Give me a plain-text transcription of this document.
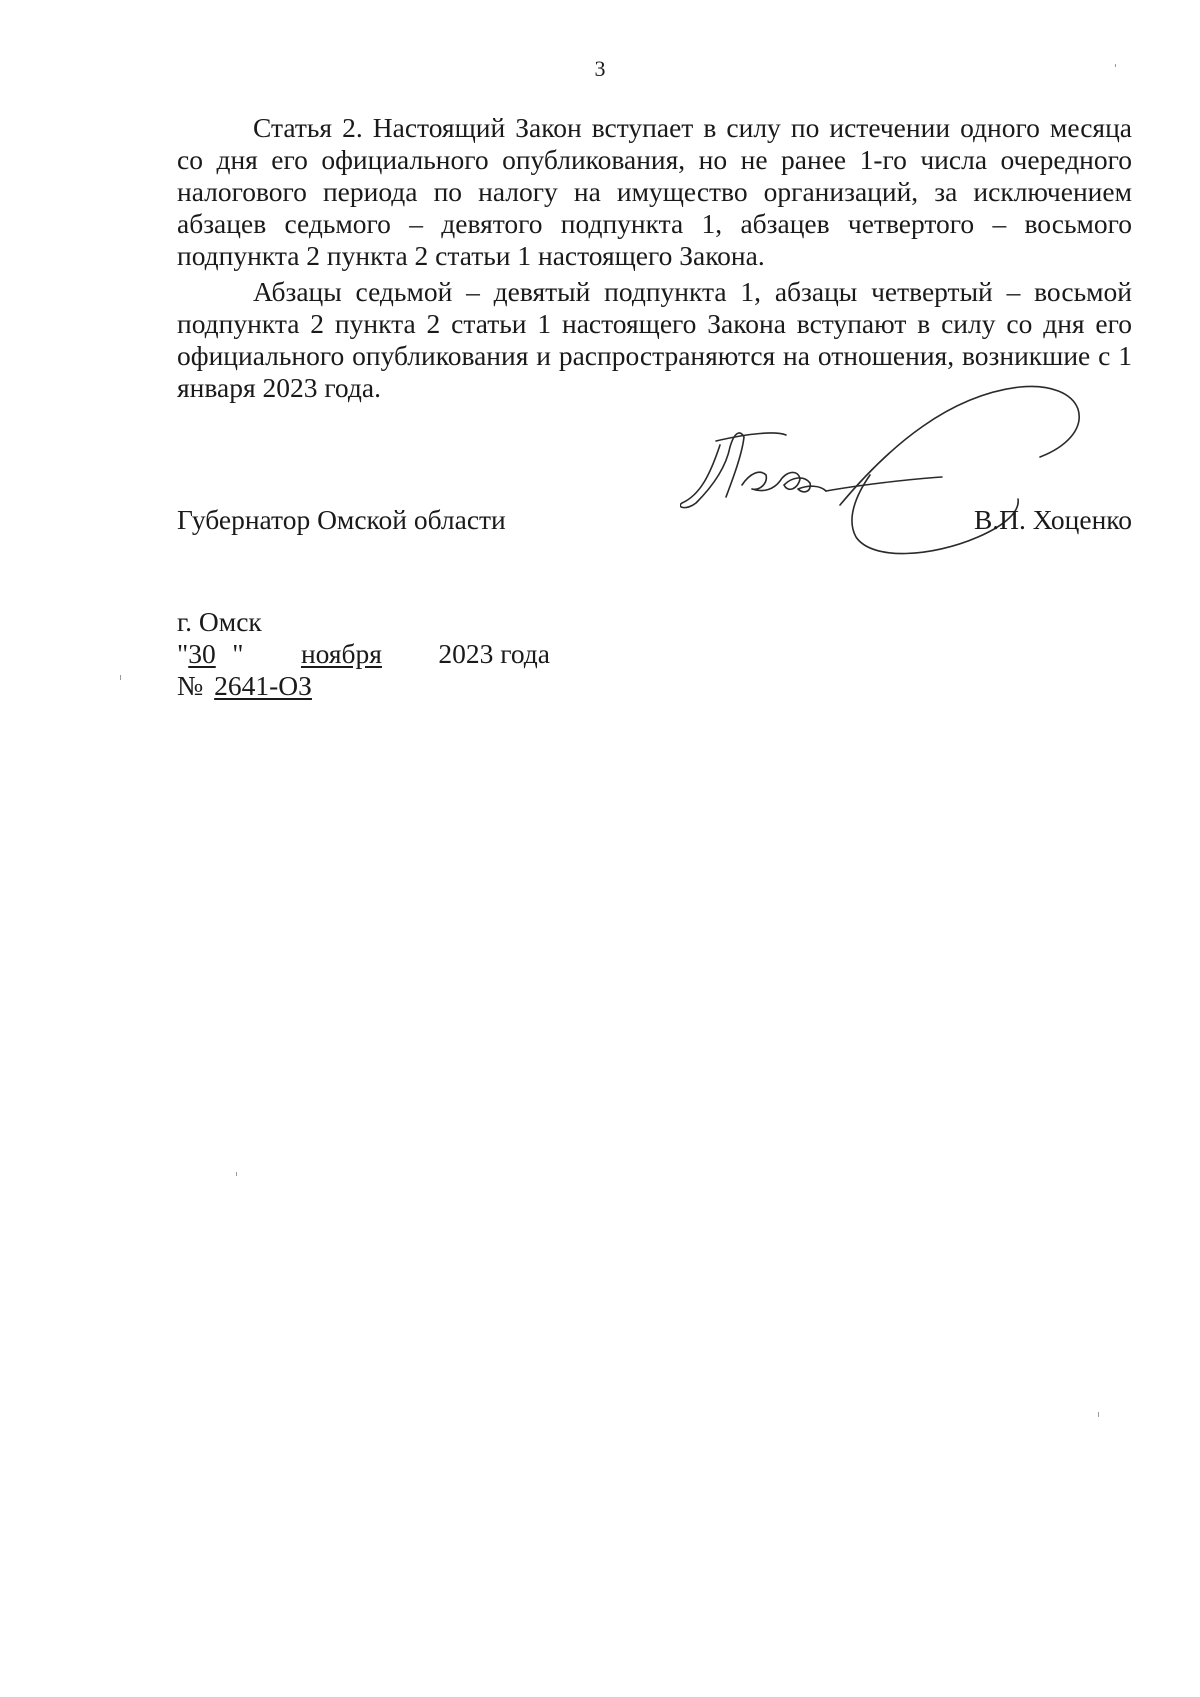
3

Статья 2. Настоящий Закон вступает в силу по истечении одного месяца со дня его официального опубликования, но не ранее 1-го числа очередного налогового периода по налогу на имущество организаций, за исключением абзацев седьмого – девятого подпункта 1, абзацев четвертого – восьмого подпункта 2 пункта 2 статьи 1 настоящего Закона.

Абзацы седьмой – девятый подпункта 1, абзацы четвертый – восьмой подпункта 2 пункта 2 статьи 1 настоящего Закона вступают в силу со дня его официального опубликования и распространяются на отношения, возникшие с 1 января 2023 года.

Губернатор Омской области	В.П. Хоценко
г. Омск
"30 " ноября 2023 года
№ 2641-ОЗ
